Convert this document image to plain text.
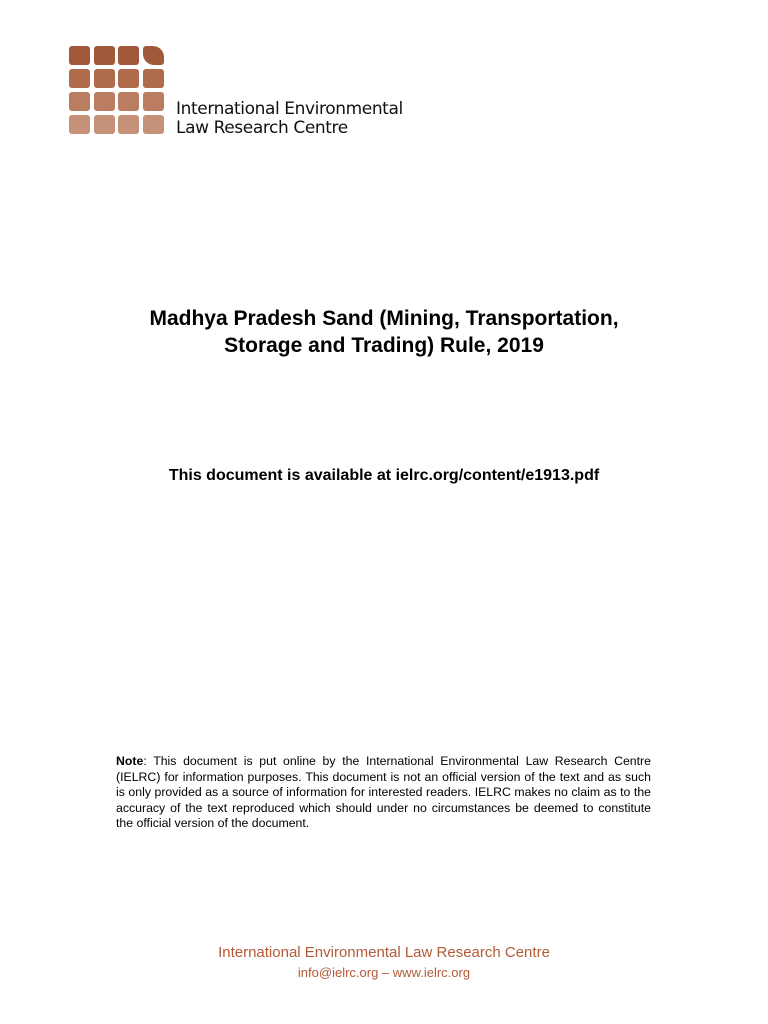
International Environmental
Law Research Centre
Madhya Pradesh Sand (Mining, Transportation,
Storage and Trading) Rule, 2019
This document is available at ielrc.org/content/e1913.pdf
Note: This document is put online by the International Environmental Law Research Centre (IELRC) for information purposes. This document is not an official version of the text and as such is only provided as a source of information for interested readers. IELRC makes no claim as to the accuracy of the text reproduced which should under no circumstances be deemed to constitute the official version of the document.
International Environmental Law Research Centre
info@ielrc.org – www.ielrc.org
